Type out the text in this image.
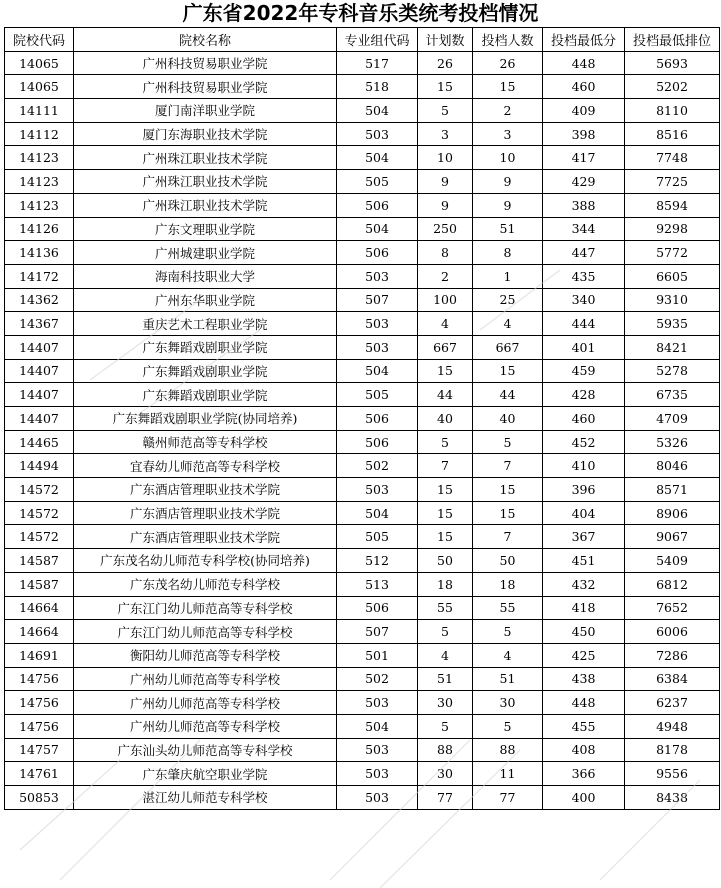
广东省2022年专科音乐类统考投档情况
院校代码	院校名称	专业组代码	计划数	投档人数	投档最低分	投档最低排位
14065	广州科技贸易职业学院	517	26	26	448	5693
14065	广州科技贸易职业学院	518	15	15	460	5202
14111	厦门南洋职业学院	504	5	2	409	8110
14112	厦门东海职业技术学院	503	3	3	398	8516
14123	广州珠江职业技术学院	504	10	10	417	7748
14123	广州珠江职业技术学院	505	9	9	429	7725
14123	广州珠江职业技术学院	506	9	9	388	8594
14126	广东文理职业学院	504	250	51	344	9298
14136	广州城建职业学院	506	8	8	447	5772
14172	海南科技职业大学	503	2	1	435	6605
14362	广州东华职业学院	507	100	25	340	9310
14367	重庆艺术工程职业学院	503	4	4	444	5935
14407	广东舞蹈戏剧职业学院	503	667	667	401	8421
14407	广东舞蹈戏剧职业学院	504	15	15	459	5278
14407	广东舞蹈戏剧职业学院	505	44	44	428	6735
14407	广东舞蹈戏剧职业学院(协同培养)	506	40	40	460	4709
14465	赣州师范高等专科学校	506	5	5	452	5326
14494	宜春幼儿师范高等专科学校	502	7	7	410	8046
14572	广东酒店管理职业技术学院	503	15	15	396	8571
14572	广东酒店管理职业技术学院	504	15	15	404	8906
14572	广东酒店管理职业技术学院	505	15	7	367	9067
14587	广东茂名幼儿师范专科学校(协同培养)	512	50	50	451	5409
14587	广东茂名幼儿师范专科学校	513	18	18	432	6812
14664	广东江门幼儿师范高等专科学校	506	55	55	418	7652
14664	广东江门幼儿师范高等专科学校	507	5	5	450	6006
14691	衡阳幼儿师范高等专科学校	501	4	4	425	7286
14756	广州幼儿师范高等专科学校	502	51	51	438	6384
14756	广州幼儿师范高等专科学校	503	30	30	448	6237
14756	广州幼儿师范高等专科学校	504	5	5	455	4948
14757	广东汕头幼儿师范高等专科学校	503	88	88	408	8178
14761	广东肇庆航空职业学院	503	30	11	366	9556
50853	湛江幼儿师范专科学校	503	77	77	400	8438
